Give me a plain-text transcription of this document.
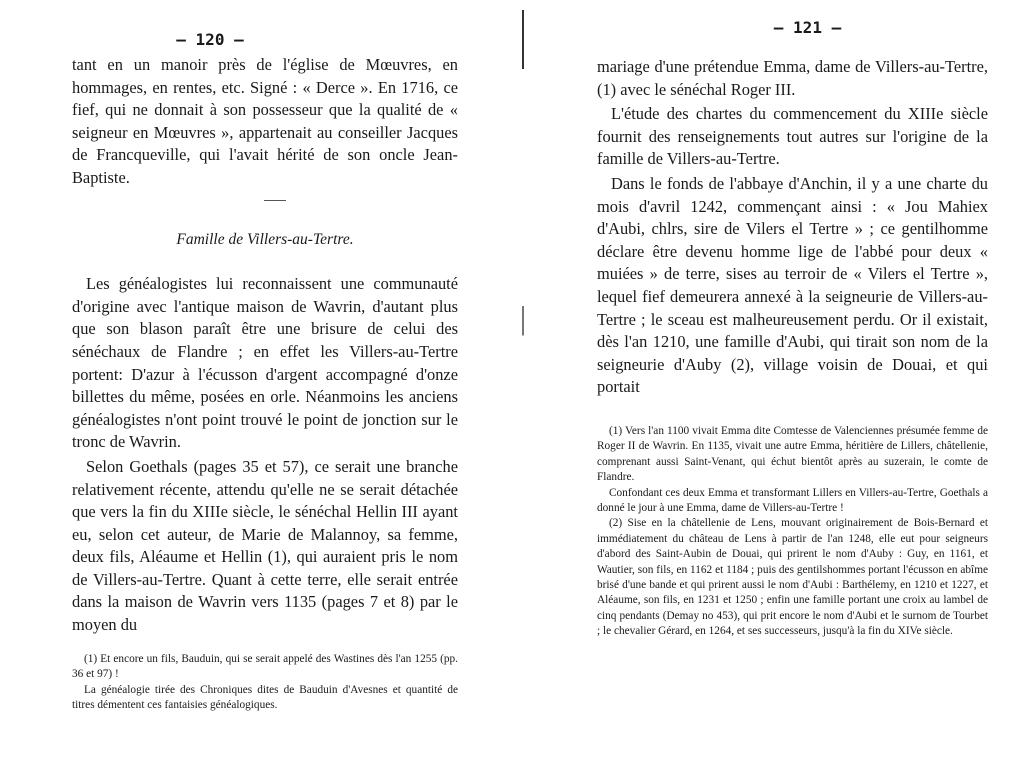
— 120 —

tant en un manoir près de l'église de Mœuvres, en hommages, en rentes, etc. Signé : « Derce ». En 1716, ce fief, qui ne donnait à son possesseur que la qualité de « seigneur en Mœuvres », appartenait au conseiller Jacques de Francqueville, qui l'avait hérité de son oncle Jean-Baptiste.

Famille de Villers-au-Tertre.

Les généalogistes lui reconnaissent une communauté d'origine avec l'antique maison de Wavrin, d'autant plus que son blason paraît être une brisure de celui des sénéchaux de Flandre ; en effet les Villers-au-Tertre portent: D'azur à l'écusson d'argent accompagné d'onze billettes du même, posées en orle. Néanmoins les anciens généalogistes n'ont point trouvé le point de jonction sur le tronc de Wavrin.

Selon Goethals (pages 35 et 57), ce serait une branche relativement récente, attendu qu'elle ne se serait détachée que vers la fin du XIIIe siècle, le sénéchal Hellin III ayant eu, selon cet auteur, de Marie de Malannoy, sa femme, deux fils, Aléaume et Hellin (1), qui auraient pris le nom de Villers-au-Tertre. Quant à cette terre, elle serait entrée dans la maison de Wavrin vers 1135 (pages 7 et 8) par le moyen du

(1) Et encore un fils, Bauduin, qui se serait appelé des Wastines dès l'an 1255 (pp. 36 et 97) !

La généalogie tirée des Chroniques dites de Bauduin d'Avesnes et quantité de titres démentent ces fantaisies généalogiques.

— 121 —

mariage d'une prétendue Emma, dame de Villers-au-Tertre, (1) avec le sénéchal Roger III.

L'étude des chartes du commencement du XIIIe siècle fournit des renseignements tout autres sur l'origine de la famille de Villers-au-Tertre.

Dans le fonds de l'abbaye d'Anchin, il y a une charte du mois d'avril 1242, commençant ainsi : « Jou Mahiex d'Aubi, chlrs, sire de Vilers el Tertre » ; ce gentilhomme déclare être devenu homme lige de l'abbé pour deux « muiées » de terre, sises au terroir de « Vilers el Tertre », lequel fief demeurera annexé à la seigneurie de Villers-au-Tertre ; le sceau est malheureusement perdu. Or il existait, dès l'an 1210, une famille d'Aubi, qui tirait son nom de la seigneurie d'Auby (2), village voisin de Douai, et qui portait

(1) Vers l'an 1100 vivait Emma dite Comtesse de Valenciennes présumée femme de Roger II de Wavrin. En 1135, vivait une autre Emma, héritière de Lillers, châtellenie, comprenant aussi Saint-Venant, qui échut bientôt après au suzerain, le comte de Flandre.

Confondant ces deux Emma et transformant Lillers en Villers-au-Tertre, Goethals a donné le jour à une Emma, dame de Villers-au-Tertre !

(2) Sise en la châtellenie de Lens, mouvant originairement de Bois-Bernard et immédiatement du château de Lens à partir de l'an 1248, elle eut pour seigneurs d'abord des Saint-Aubin de Douai, qui prirent le nom d'Auby : Guy, en 1161, et Wautier, son fils, en 1162 et 1184 ; puis des gentilshommes portant l'écusson en abîme brisé d'une bande et qui prirent aussi le nom d'Aubi : Barthélemy, en 1210 et 1227, et Aléaume, son fils, en 1231 et 1250 ; enfin une famille portant une croix au lambel de cinq pendants (Demay no 453), qui prit encore le nom d'Aubi et le surnom de Tourbet ; le chevalier Gérard, en 1264, et ses successeurs, jusqu'à la fin du XIVe siècle.
